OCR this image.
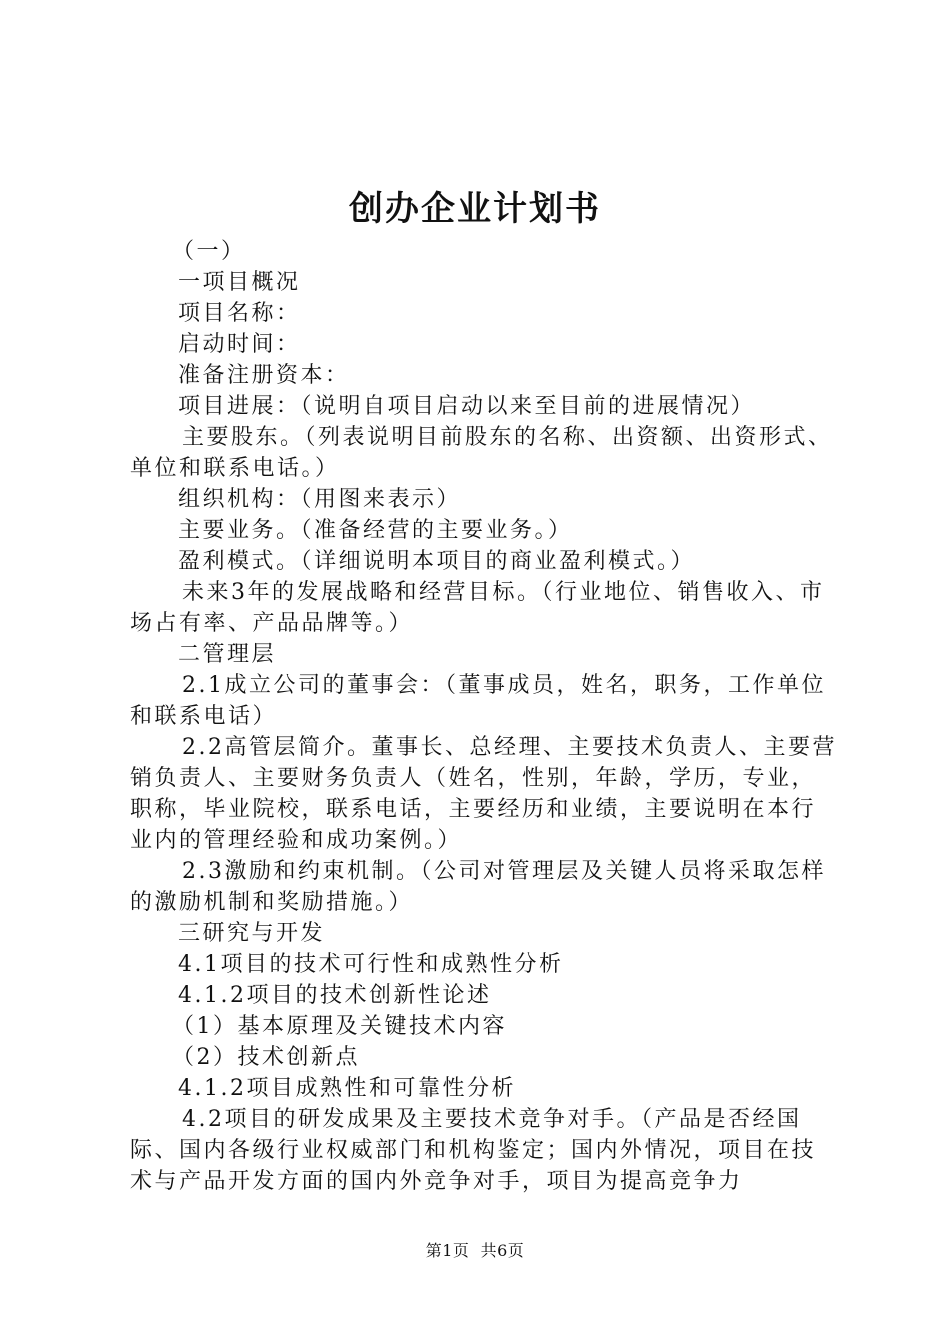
创办企业计划书

（一）

一项目概况

项目名称：

启动时间：

准备注册资本：

项目进展：（说明自项目启动以来至目前的进展情况）

主要股东。（列表说明目前股东的名称、出资额、出资形式、单位和联系电话。）

组织机构：（用图来表示）

主要业务。（准备经营的主要业务。）

盈利模式。（详细说明本项目的商业盈利模式。）

未来3年的发展战略和经营目标。（行业地位、销售收入、市场占有率、产品品牌等。）

二管理层

2.1成立公司的董事会：（董事成员，姓名，职务，工作单位和联系电话）

2.2高管层简介。董事长、总经理、主要技术负责人、主要营销负责人、主要财务负责人（姓名，性别，年龄，学历，专业，职称，毕业院校，联系电话，主要经历和业绩，主要说明在本行业内的管理经验和成功案例。）

2.3激励和约束机制。（公司对管理层及关键人员将采取怎样的激励机制和奖励措施。）

三研究与开发

4.1项目的技术可行性和成熟性分析

4.1.2项目的技术创新性论述

（1）基本原理及关键技术内容

（2）技术创新点

4.1.2项目成熟性和可靠性分析

4.2项目的研发成果及主要技术竞争对手。（产品是否经国际、国内各级行业权威部门和机构鉴定；国内外情况，项目在技术与产品开发方面的国内外竞争对手，项目为提高竞争力

第1页  共6页
